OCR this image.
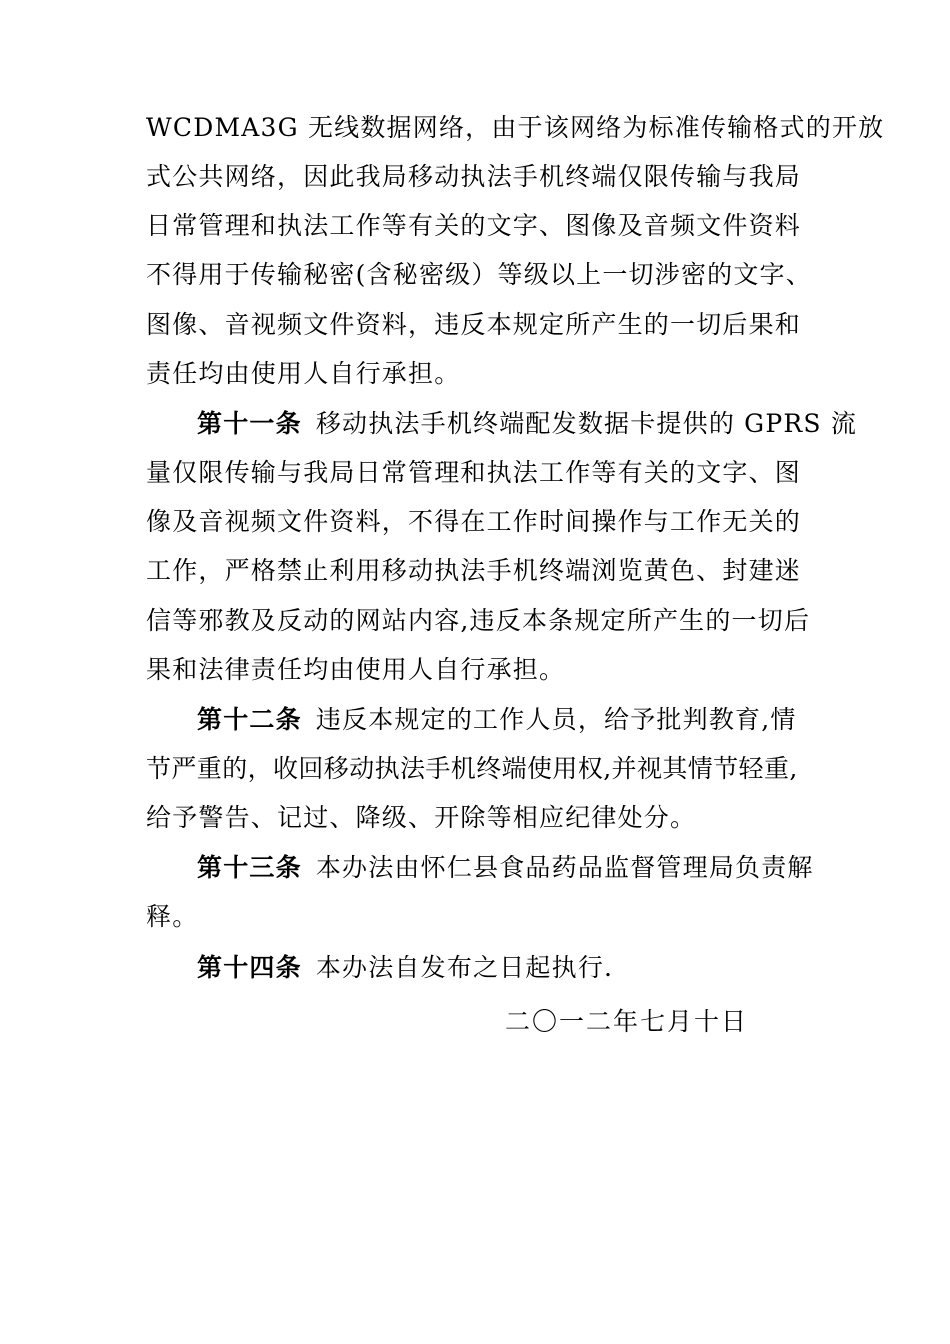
WCDMA3G 无线数据网络，由于该网络为标准传输格式的开放
式公共网络，因此我局移动执法手机终端仅限传输与我局
日常管理和执法工作等有关的文字、图像及音频文件资料
不得用于传输秘密(含秘密级）等级以上一切涉密的文字、
图像、音视频文件资料，违反本规定所产生的一切后果和
责任均由使用人自行承担。
第十一条 移动执法手机终端配发数据卡提供的 GPRS 流
量仅限传输与我局日常管理和执法工作等有关的文字、图
像及音视频文件资料，不得在工作时间操作与工作无关的
工作，严格禁止利用移动执法手机终端浏览黄色、封建迷
信等邪教及反动的网站内容,违反本条规定所产生的一切后
果和法律责任均由使用人自行承担。
第十二条 违反本规定的工作人员，给予批判教育,情
节严重的，收回移动执法手机终端使用权,并视其情节轻重,
给予警告、记过、降级、开除等相应纪律处分。
第十三条 本办法由怀仁县食品药品监督管理局负责解
释。
第十四条 本办法自发布之日起执行.
二〇一二年七月十日
